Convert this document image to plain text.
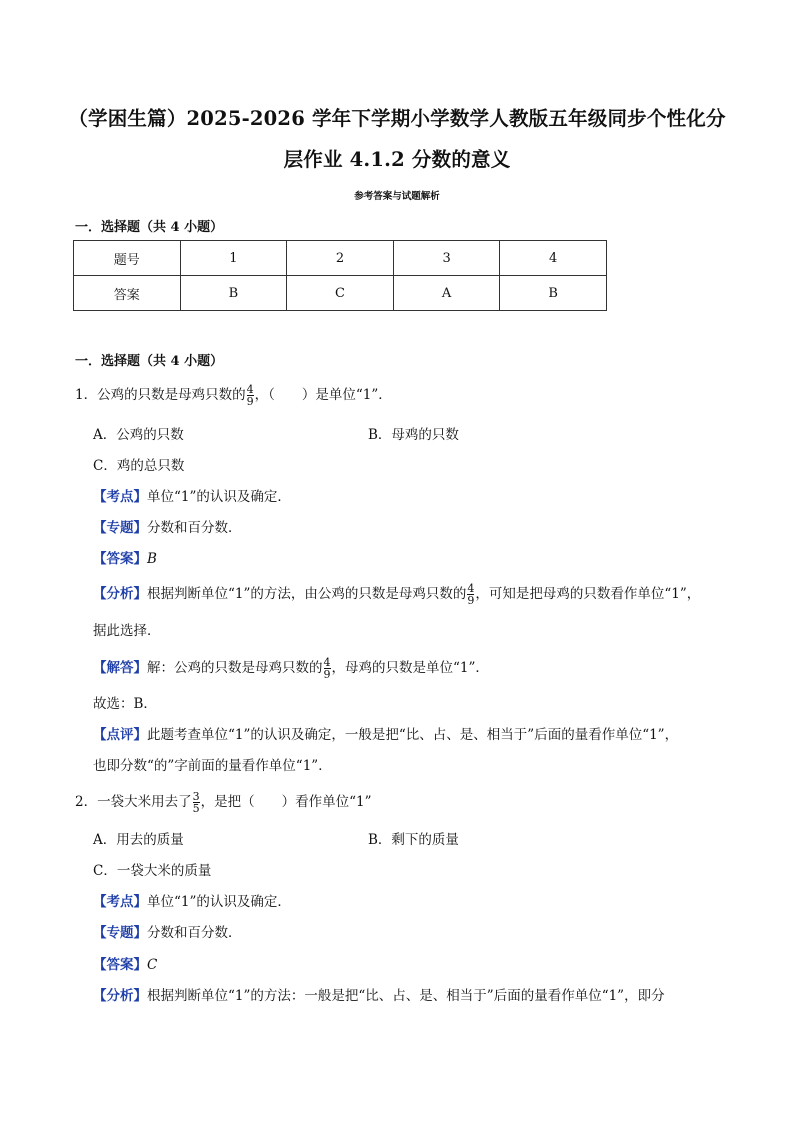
（学困生篇）2025-2026 学年下学期小学数学人教版五年级同步个性化分
层作业 4.1.2 分数的意义
参考答案与试题解析
一．选择题（共 4 小题）
题号	1	2	3	4
答案	B	C	A	B
一．选择题（共 4 小题）
1．公鸡的只数是母鸡只数的 $\frac{4}{9}$ ，（　　）是单位“1”．
A．公鸡的只数	B．母鸡的只数
C．鸡的总只数
【考点】单位“1”的认识及确定．
【专题】分数和百分数．
【答案】B
【分析】根据判断单位“1”的方法，由公鸡的只数是母鸡只数的 $\frac{4}{9}$ ，可知是把母鸡的只数看作单位“1”，
据此选择．
【解答】解：公鸡的只数是母鸡只数的 $\frac{4}{9}$ ，母鸡的只数是单位“1”．
故选：B．
【点评】此题考查单位“1”的认识及确定，一般是把“比、占、是、相当于”后面的量看作单位“1”，
也即分数“的”字前面的量看作单位“1”．
2．一袋大米用去了 $\frac{3}{5}$ ，是把（　　）看作单位“1”
A．用去的质量	B．剩下的质量
C．一袋大米的质量
【考点】单位“1”的认识及确定．
【专题】分数和百分数．
【答案】C
【分析】根据判断单位“1”的方法：一般是把“比、占、是、相当于”后面的量看作单位“1”，即分
